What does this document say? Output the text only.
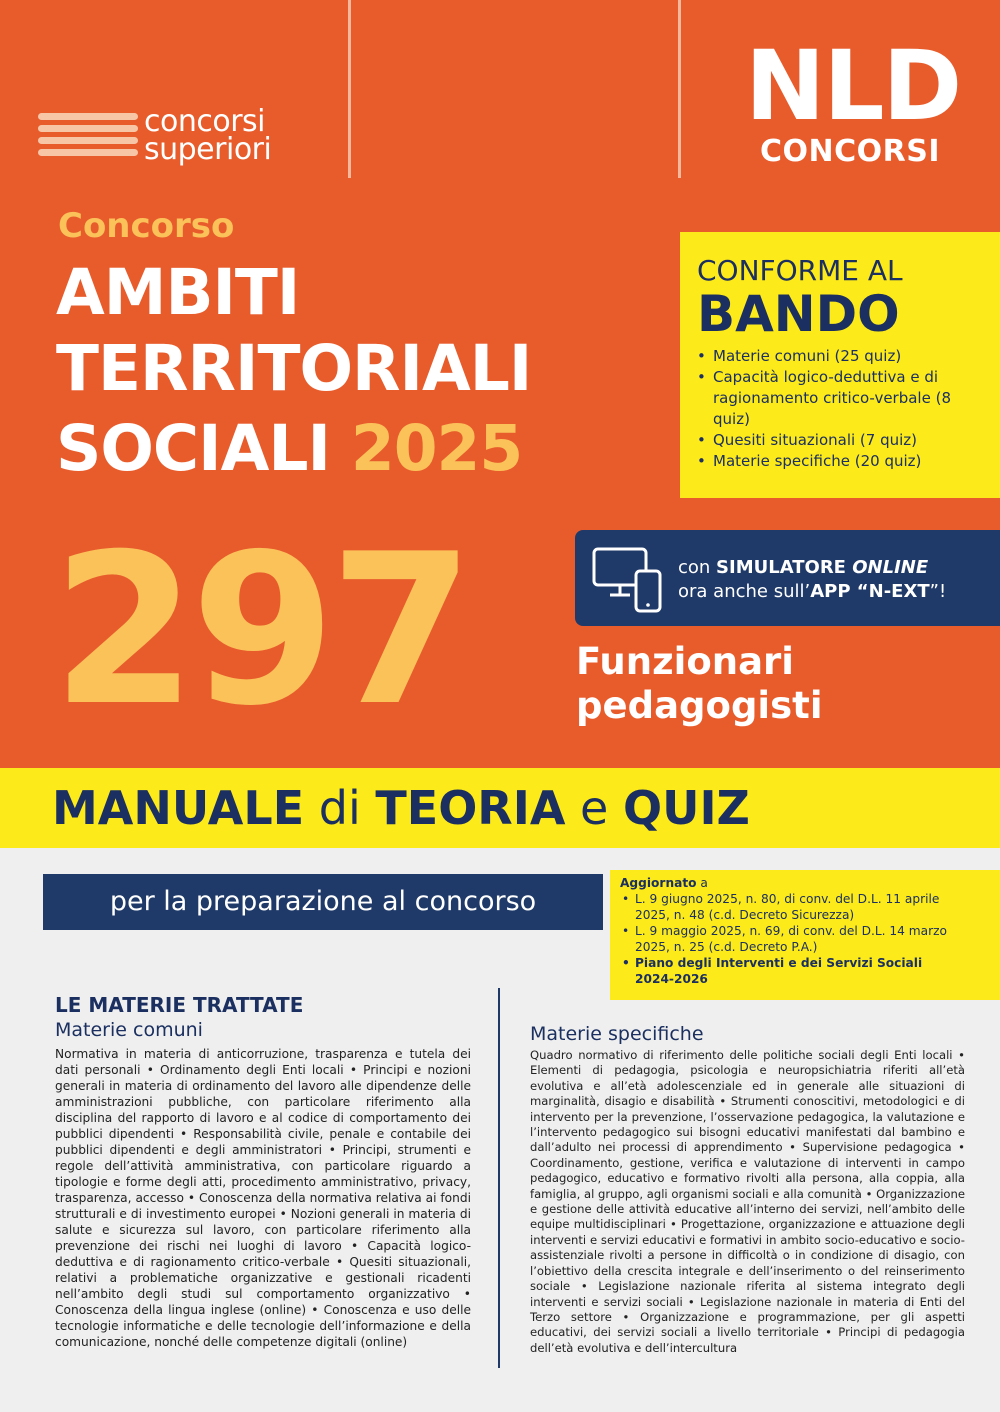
concorsi
superiori
NLD
CONCORSI
Concorso
AMBITI
TERRITORIALI
SOCIALI 2025
CONFORME AL
BANDO
• Materie comuni (25 quiz)
• Capacità logico-deduttiva e di ragionamento critico-verbale (8 quiz)
• Quesiti situazionali (7 quiz)
• Materie specifiche (20 quiz)
297	con SIMULATORE ONLINE
ora anche sull’APP “N-EXT”!
Funzionari
pedagogisti
MANUALE di TEORIA e QUIZ
per la preparazione al concorso
Aggiornato a
• L. 9 giugno 2025, n. 80, di conv. del D.L. 11 aprile 2025, n. 48 (c.d. Decreto Sicurezza)
• L. 9 maggio 2025, n. 69, di conv. del D.L. 14 marzo 2025, n. 25 (c.d. Decreto P.A.)
• Piano degli Interventi e dei Servizi Sociali 2024-2026
LE MATERIE TRATTATE
Materie comuni
Normativa in materia di anticorruzione, trasparenza e tutela dei dati personali • Ordinamento degli Enti locali • Principi e nozioni generali in materia di ordinamento del lavoro alle dipendenze delle amministrazioni pubbliche, con particolare riferimento alla disciplina del rapporto di lavoro e al codice di comportamento dei pubblici dipendenti • Responsabilità civile, penale e contabile dei pubblici dipendenti e degli amministratori • Principi, strumenti e regole dell’attività amministrativa, con particolare riguardo a tipologie e forme degli atti, procedimento amministrativo, privacy, trasparenza, accesso • Conoscenza della normativa relativa ai fondi strutturali e di investimento europei • Nozioni generali in materia di salute e sicurezza sul lavoro, con particolare riferimento alla prevenzione dei rischi nei luoghi di lavoro • Capacità logico-deduttiva e di ragionamento critico-verbale • Quesiti situazionali, relativi a problematiche organizzative e gestionali ricadenti nell’ambito degli studi sul comportamento organizzativo • Conoscenza della lingua inglese (online) • Conoscenza e uso delle tecnologie informatiche e delle tecnologie dell’informazione e della comunicazione, nonché delle competenze digitali (online)
Materie specifiche
Quadro normativo di riferimento delle politiche sociali degli Enti locali • Elementi di pedagogia, psicologia e neuropsichiatria riferiti all’età evolutiva e all’età adolescenziale ed in generale alle situazioni di marginalità, disagio e disabilità • Strumenti conoscitivi, metodologici e di intervento per la prevenzione, l’osservazione pedagogica, la valutazione e l’intervento pedagogico sui bisogni educativi manifestati dal bambino e dall’adulto nei processi di apprendimento • Supervisione pedagogica • Coordinamento, gestione, verifica e valutazione di interventi in campo pedagogico, educativo e formativo rivolti alla persona, alla coppia, alla famiglia, al gruppo, agli organismi sociali e alla comunità • Organizzazione e gestione delle attività educative all’interno dei servizi, nell’ambito delle equipe multidisciplinari • Progettazione, organizzazione e attuazione degli interventi e servizi educativi e formativi in ambito socio-educativo e socio-assistenziale rivolti a persone in difficoltà o in condizione di disagio, con l’obiettivo della crescita integrale e dell’inserimento o del reinserimento sociale • Legislazione nazionale riferita al sistema integrato degli interventi e servizi sociali • Legislazione nazionale in materia di Enti del Terzo settore • Organizzazione e programmazione, per gli aspetti educativi, dei servizi sociali a livello territoriale • Principi di pedagogia dell’età evolutiva e dell’intercultura
